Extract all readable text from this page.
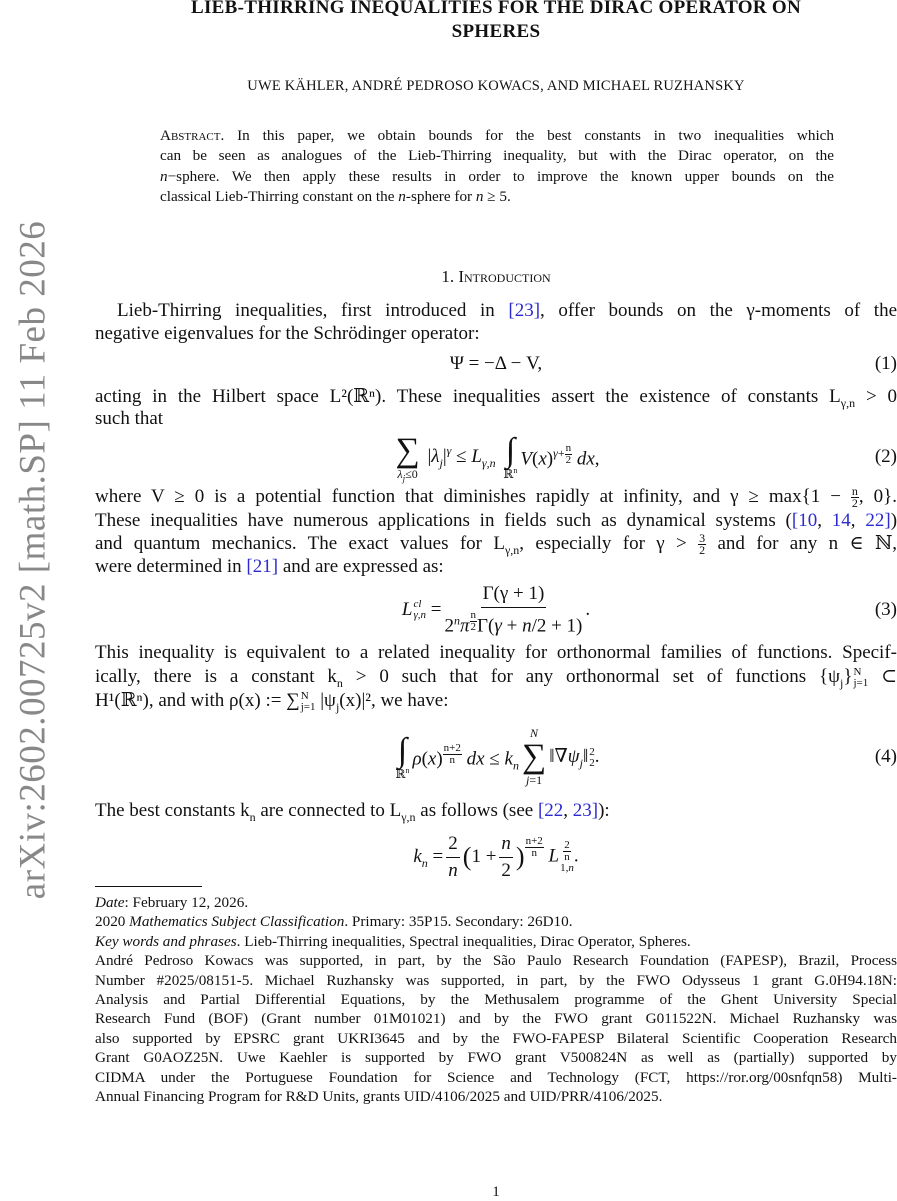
arXiv:2602.00725v2 [math.SP] 11 Feb 2026
LIEB-THIRRING INEQUALITIES FOR THE DIRAC OPERATOR ON
SPHERES
UWE KÄHLER, ANDRÉ PEDROSO KOWACS, AND MICHAEL RUZHANSKY
Abstract. In this paper, we obtain bounds for the best constants in two inequalities which
can be seen as analogues of the Lieb-Thirring inequality, but with the Dirac operator, on the
n−sphere. We then apply these results in order to improve the known upper bounds on the
classical Lieb-Thirring constant on the n-sphere for n ≥ 5.
1. Introduction
Lieb-Thirring inequalities, first introduced in [23], offer bounds on the γ-moments of the
negative eigenvalues for the Schrödinger operator:
Ψ = −Δ − V,	(1)
acting in the Hilbert space L²(ℝⁿ). These inequalities assert the existence of constants $L_{\gamma,n} > 0$
such that
∑
$\lambda_j\le 0$
$|\lambda_j|^\gamma \le L_{\gamma,n}$ ∫
ℝ$^n$
$V(x)^{\gamma+ \frac{n}{2}}$ dx,	(2)
where V ≥ 0 is a potential function that diminishes rapidly at infinity, and $\gamma \ge \max\{1 - \frac{n}{2}$ , 0}.
These inequalities have numerous applications in fields such as dynamical systems ([10, 14, 22])
and quantum mechanics. The exact values for $L_{\gamma,n}$, especially for $\gamma > \frac{3}{2}$ and for any n ∈ ℕ,
were determined in [21] and are expressed as:
L cl
γ,n = Γ(γ + 1)
2$^n$π $^{\frac{n}{2}}$ Γ(γ + n/2 + 1) .	(3)
This inequality is equivalent to a related inequality for orthonormal families of functions. Specif-
ically, there is a constant $k_n > 0$ such that for any orthonormal set of functions $\{\psi_j\}$ N
j=1 ⊂
H¹(ℝⁿ), and with ρ(x) := ∑ N
j=1 $|\psi_j(x)|^2$, we have:
∫
ℝ$^n$
ρ(x) $^{\frac{n+2}{n}}$ dx ≤ $k_n$
N
∑
j=1
$‖\nabla\psi_j‖$ 2
2 .	(4)
The best constants $k_n$ are connected to $L_{\gamma,n}$ as follows (see [22, 23]):
$k_n = \frac{2}{n}$ ( $1 + \frac{n}{2}$ ) $^{\frac{n+2}{n}}$ L
2
n
1,n
.
Date: February 12, 2026.
2020 Mathematics Subject Classification. Primary: 35P15. Secondary: 26D10.
Key words and phrases. Lieb-Thirring inequalities, Spectral inequalities, Dirac Operator, Spheres.
André Pedroso Kowacs was supported, in part, by the São Paulo Research Foundation (FAPESP), Brazil, Process
Number #2025/08151-5. Michael Ruzhansky was supported, in part, by the FWO Odysseus 1 grant G.0H94.18N:
Analysis and Partial Differential Equations, by the Methusalem programme of the Ghent University Special
Research Fund (BOF) (Grant number 01M01021) and by the FWO grant G011522N. Michael Ruzhansky was
also supported by EPSRC grant UKRI3645 and by the FWO-FAPESP Bilateral Scientific Cooperation Research
Grant G0AOZ25N. Uwe Kaehler is supported by FWO grant V500824N as well as (partially) supported by
CIDMA under the Portuguese Foundation for Science and Technology (FCT, https://ror.org/00snfqn58) Multi-
Annual Financing Program for R&D Units, grants UID/4106/2025 and UID/PRR/4106/2025.
1
